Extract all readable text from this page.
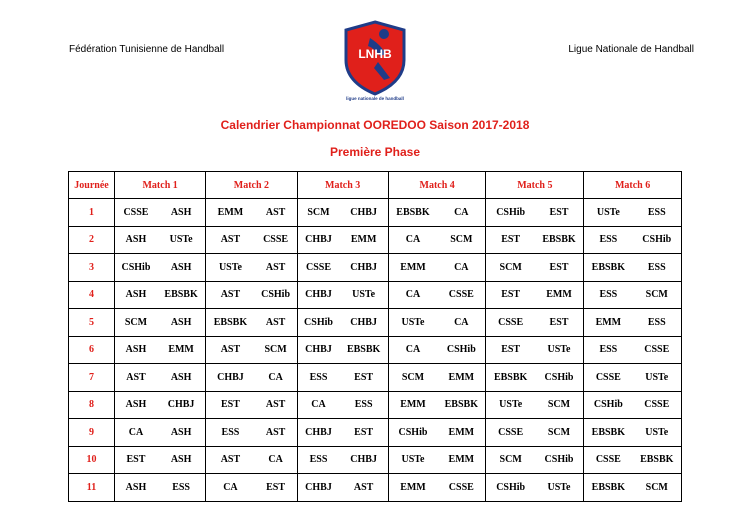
Fédération Tunisienne de Handball	Ligue Nationale de Handball
LNHB
ligue nationale de handball
Calendrier Championnat OOREDOO Saison 2017-2018
Première Phase
Journée	Match 1		Match 2		Match 3		Match 4		Match 5		Match 6	
1	CSSE	ASH	EMM	AST	SCM	CHBJ	EBSBK	CA	CSHib	EST	USTe	ESS
2	ASH	USTe	AST	CSSE	CHBJ	EMM	CA	SCM	EST	EBSBK	ESS	CSHib
3	CSHib	ASH	USTe	AST	CSSE	CHBJ	EMM	CA	SCM	EST	EBSBK	ESS
4	ASH	EBSBK	AST	CSHib	CHBJ	USTe	CA	CSSE	EST	EMM	ESS	SCM
5	SCM	ASH	EBSBK	AST	CSHib	CHBJ	USTe	CA	CSSE	EST	EMM	ESS
6	ASH	EMM	AST	SCM	CHBJ	EBSBK	CA	CSHib	EST	USTe	ESS	CSSE
7	AST	ASH	CHBJ	CA	ESS	EST	SCM	EMM	EBSBK	CSHib	CSSE	USTe
8	ASH	CHBJ	EST	AST	CA	ESS	EMM	EBSBK	USTe	SCM	CSHib	CSSE
9	CA	ASH	ESS	AST	CHBJ	EST	CSHib	EMM	CSSE	SCM	EBSBK	USTe
10	EST	ASH	AST	CA	ESS	CHBJ	USTe	EMM	SCM	CSHib	CSSE	EBSBK
11	ASH	ESS	CA	EST	CHBJ	AST	EMM	CSSE	CSHib	USTe	EBSBK	SCM
